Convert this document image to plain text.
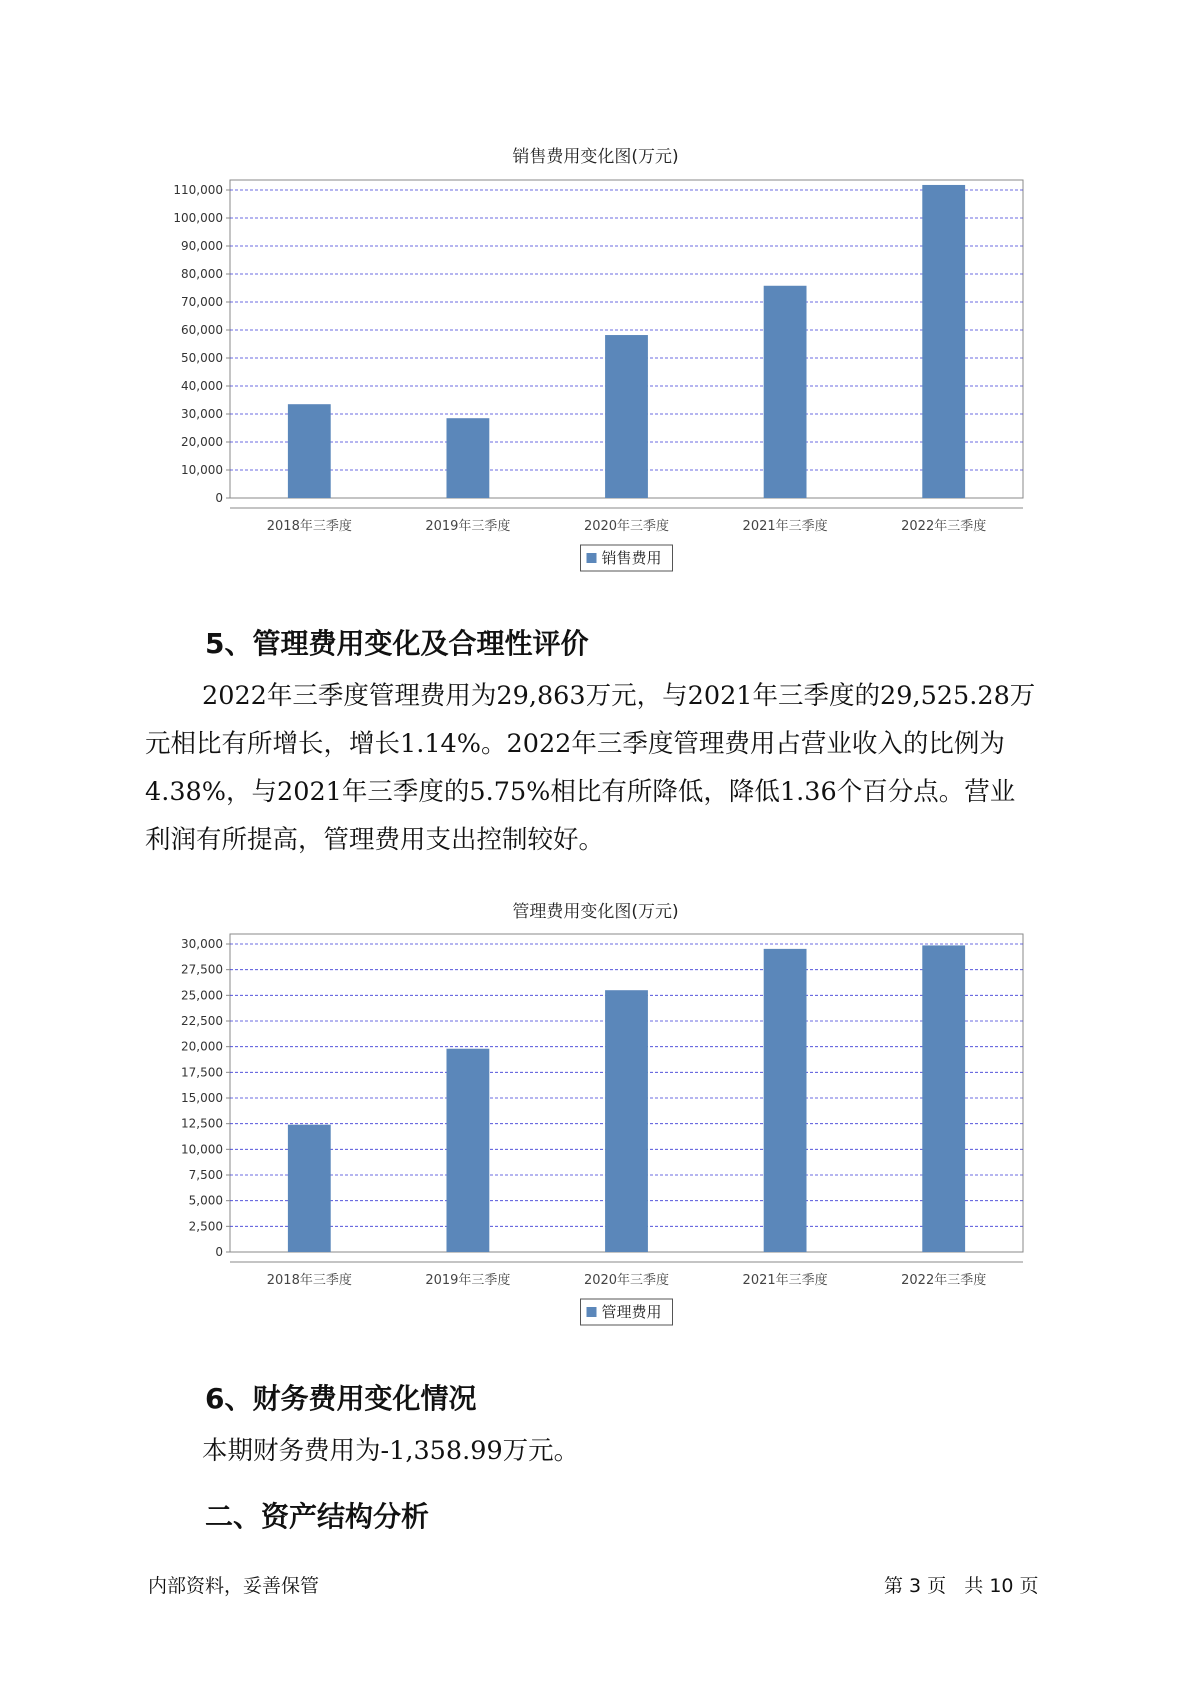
销售费用变化图(万元)
0
10,000
20,000
30,000
40,000
50,000
60,000
70,000
80,000
90,000
100,000
110,000
2018年三季度	2019年三季度	2020年三季度	2021年三季度	2022年三季度
销售费用
5、管理费用变化及合理性评价
2022年三季度管理费用为29,863万元，与2021年三季度的29,525.28万
元相比有所增长，增长1.14%。2022年三季度管理费用占营业收入的比例为
4.38%，与2021年三季度的5.75%相比有所降低，降低1.36个百分点。营业
利润有所提高，管理费用支出控制较好。
管理费用变化图(万元)
0
2,500
5,000
7,500
10,000
12,500
15,000
17,500
20,000
22,500
25,000
27,500
30,000
2018年三季度	2019年三季度	2020年三季度	2021年三季度	2022年三季度
管理费用
6、财务费用变化情况

本期财务费用为-1,358.99万元。

二、资产结构分析
内部资料，妥善保管	第 3 页   共 10 页
